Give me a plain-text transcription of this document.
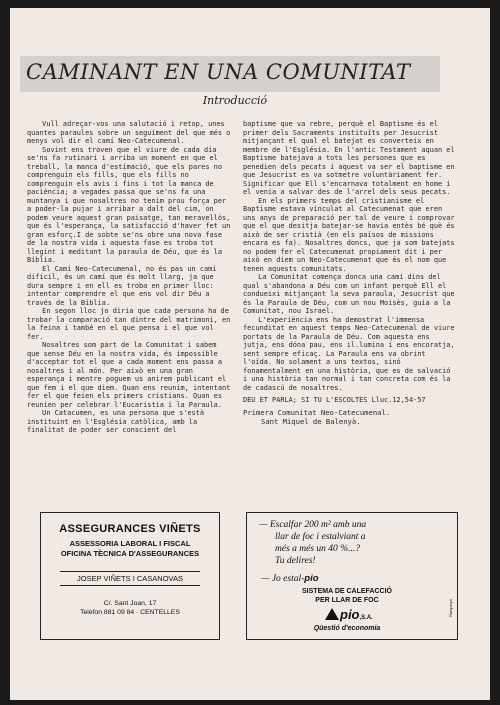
CAMINANT EN UNA COMUNITAT
Introducció

Vull adreçar-vos una salutació i retop, unes quantes paraules sobre un seguiment del que més o menys vol dir el camí Neo-Catecumenal.

Sovint ens troven que el viure de cada dia se'ns fa rutinari i arriba un moment en que el treball, la manca d'estimació, que els pares no comprenguin els fills, que els fills no comprenguin els avis i fins i tot la manca de paciència; a vegades passa que se'ns fa una muntanya i que nosaltres no tenim prou força per a poder-la pujar i arribar a dalt del cim, on podem veure aquest gran paisatge, tan meravellós, que és l'esperança, la satisfacció d'haver fet un gran esforç.I de sobte se'ns obre una nova fase de la nostra vida i aquesta fase es troba tot llegint i meditant la paraula de Déu, que és la Bíblia.

El Camí Neo-Catecumenal, no és pas un camí difícil, és un camí que és molt llarg, ja que dura sempre i en ell es troba en primer lloc: intentar comprendre el que ens vol dir Déu a través de la Bíblia.

En segon lloc jo diria que cada persona ha de trobar la comparació tan dintre del matrimoni, en la feina i també en el que pensa i el que vol fer.

Nosaltres som part de la Comunitat i sabem que sense Déu en la nostra vida, és impossible d'acceptar tot el que a cada moment ens passa a nosaltres i al món. Per això en una gran esperança i mentre poguem us anirem publicant el que fem i el que diem. Quan ens reunim, intentant fer el que feien els primers cristians. Quan es reunien per celebrar l'Eucaristia i la Paraula.

Un Catacumen, es una persona que s'està instituint en l'Església catòlica, amb la finalitat de poder ser conscient del

baptisme que va rebre, perquè el Baptisme és el primer dels Sacraments instituïts per Jesucrist mitjançant el qual el batejat es converteix en membre de l'Església. En l'antic Testament aquan el Baptisme batejava a tots les persones que es penedien dels pecats i aquest va ser el baptisme en que Jesucrist es va sotmetre voluntàriament fer. Significar que Ell s'encarnava totalment en home i el venia a salvar des de l'arrel dels seus pecats.

En els primers temps del cristianisme el Baptisme estava vinculat al Catecumenat que eren uns anys de preparació per tal de veure i comprovar que el que desitja batejar-se havia entès bé què és això de ser cristià (en els països de missions encara es fa). Nosaltres doncs, que ja som batejats no podem fer el Catecumenat propiament dit i per això en diem un Neo-Catecumenat que és el nom que tenen aquests comunitats.

La Comunitat comença donca una camí dins del qual s'abandona a Déu com un infant perquè Ell el condueixi mitjançant la seva paraula, Jesucrist que és la Paraula de Déu, com un nou Moisès, guia a la Comunitat, nou Israel.

L'experiència ens ha demostrat l'immensa fecunditat en aquest temps Neo-Catecumenal de viure portats de la Paraula de Déu. Com aquesta ens jutja, ens dóna pau, ens il.lumina i ens encoratja, sent sempre eficaç. La Paraula ens va obrint l'oïda. No solament a uns textos, sinó fonamentalment en una història, que es de salvació i una història tan normal i tan concreta com és la de cadascú de nosaltres.

DEU ET PARLA; SI TU L'ESCOLTES Lluc.12,54-57

Primera Comunitat Neo-Catecumenal.

Sant Miquel de Balenyà.

ASSEGURANCES VIÑETS
ASSESSORIA LABORAL I FISCAL
OFICINA TÈCNICA D'ASSEGURANCES
JOSEP VIÑETS I CASANOVAS
C/. Sant Joan, 17
Telèfon 881 09 84 · CENTELLES
— Escalfar 200 m² amb una
llar de foc i estalviant a
més a més un 40 %...?
Tu delires!
— Jo estal-pio
SISTEMA DE CALEFACCIÓ
PER LLAR DE FOC
pio,S.A.
Qüestió d'economia
Rampinyo
